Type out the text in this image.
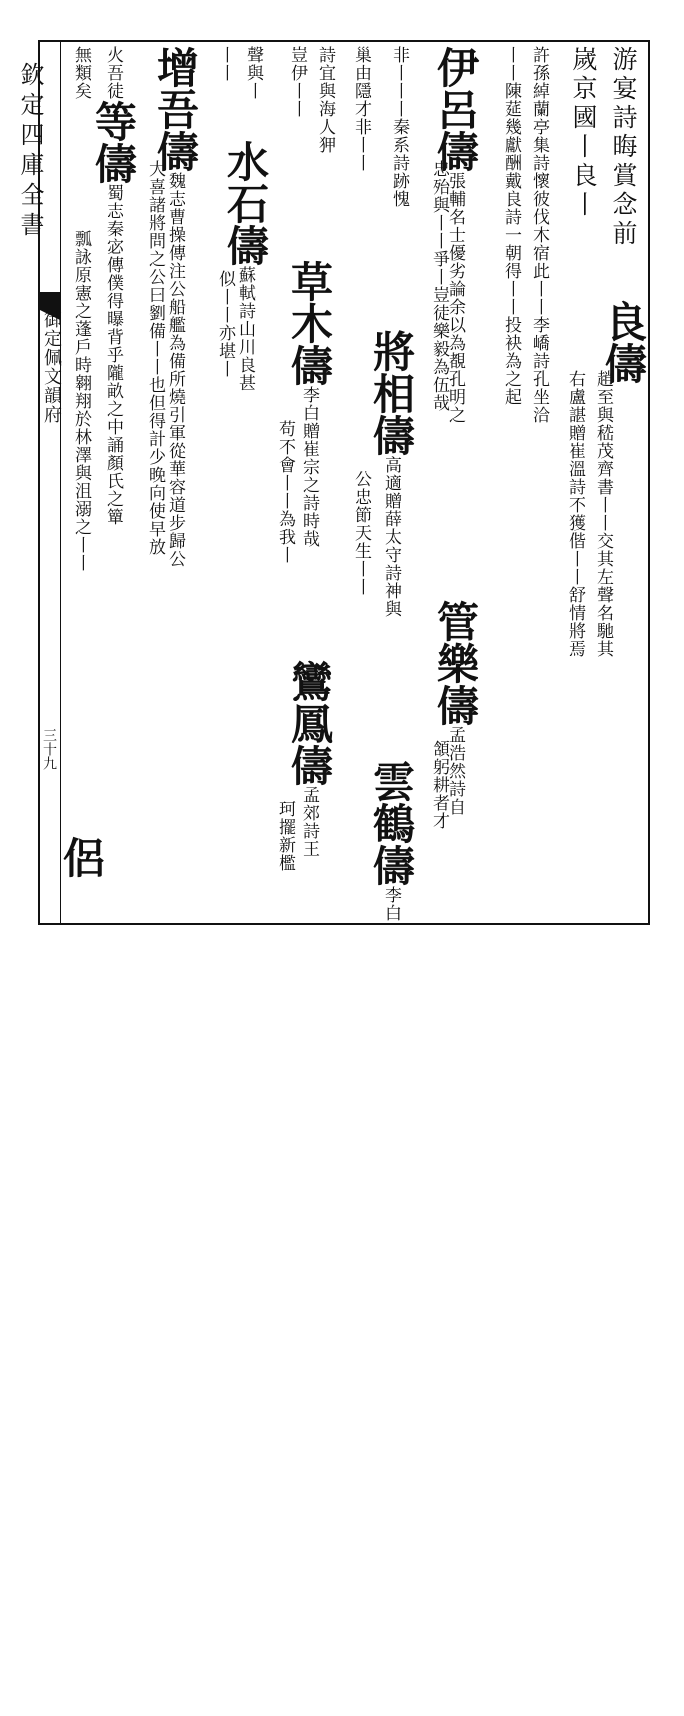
欽定四庫全書
御定佩文韻府
三十九
游宴詩晦賞念前
良儔
嵗京國丨良丨
趙至與嵇茂齊書丨丨交其左聲名馳其
右盧諶贈崔溫詩不獲偕丨丨舒情將焉
許孫綽蘭亭集詩懷彼伐木宿此丨丨李嶠詩孔坐洽
丨丨陳莚幾獻酬戴良詩一朝得丨丨投袂為之起
伊呂儔張輔名士優劣論余以為覩孔明之
忠殆與丨丨爭丨豈徒樂毅為伍哉
管樂儔孟浩然詩自
頷躬耕者才
非丨丨丨秦系詩跡愧
將相儔高適贈薛太守詩神與
雲鶴儔李白
巢由隱才非丨丨
公忠節天生丨丨
詩宜與海人狎
草木儔李白贈崔宗之詩時哉
豈伊丨丨
苟不會丨丨為我丨
鸞鳳儔孟郊詩王
珂擺新檻
聲與丨
水石儔蘇軾詩山川良甚
丨丨
似丨丨亦堪丨
增吾儔魏志曹操傳注公船艦為備所燒引軍從華容道步歸公
大喜諸將問之公曰劉備丨丨也但得計少晚向使早放
火吾徒等儔蜀志秦宓傳僕得曝背乎隴畝之中誦顏氏之簞
無類矣
瓢詠原憲之蓬戶時翱翔於林澤與沮溺之丨丨
侶
